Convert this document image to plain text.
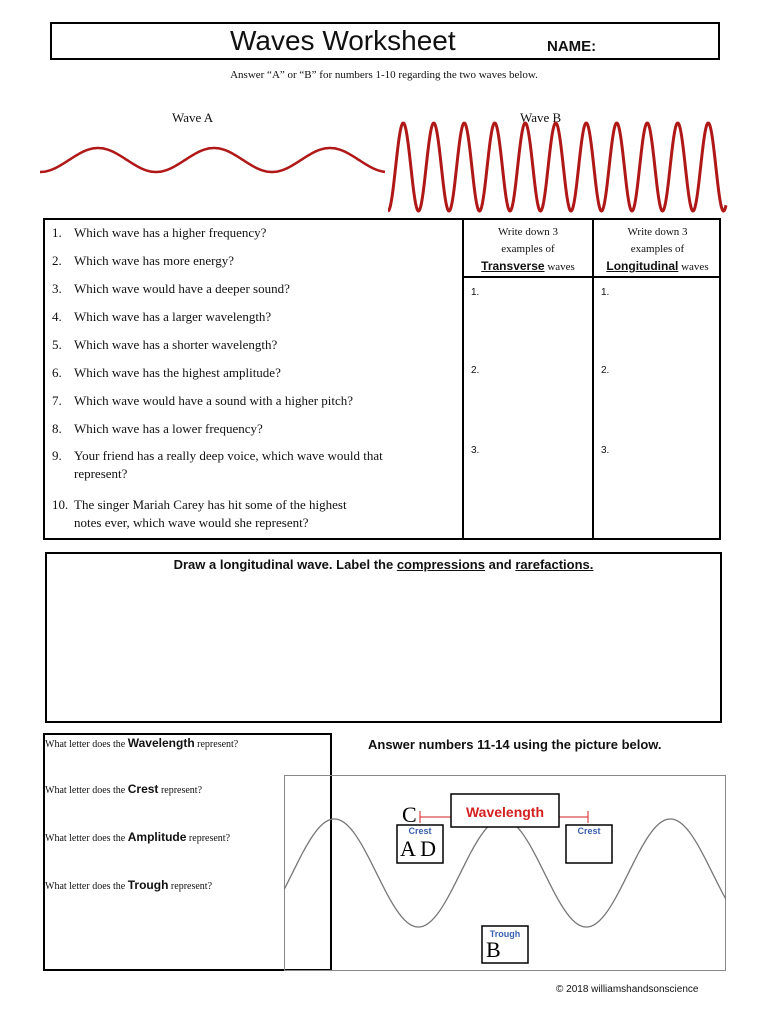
Waves Worksheet	NAME:
Answer “A” or “B” for numbers 1-10 regarding the two waves below.
Wave A	Wave B
1. Which wave has a higher frequency?
2. Which wave has more energy?
3. Which wave would have a deeper sound?
4. Which wave has a larger wavelength?
5. Which wave has a shorter wavelength?
6. Which wave has the highest amplitude?
7. Which wave would have a sound with a higher pitch?
8. Which wave has a lower frequency?
9. Your friend has a really deep voice, which wave would that
represent?
10. The singer Mariah Carey has hit some of the highest
notes ever, which wave would she represent?
Write down 3
examples of
Transverse waves
Write down 3
examples of
Longitudinal waves
1.
2.
3.
1.
2.
3.
Draw a longitudinal wave. Label the compressions and rarefactions.
What letter does the Wavelength represent?
What letter does the Crest represent?
What letter does the Amplitude represent?
What letter does the Trough represent?
Answer numbers 11-14 using the picture below.
Wavelength
Crest	Crest
Trough
C
A D
B
© 2018 williamshandsonscience
